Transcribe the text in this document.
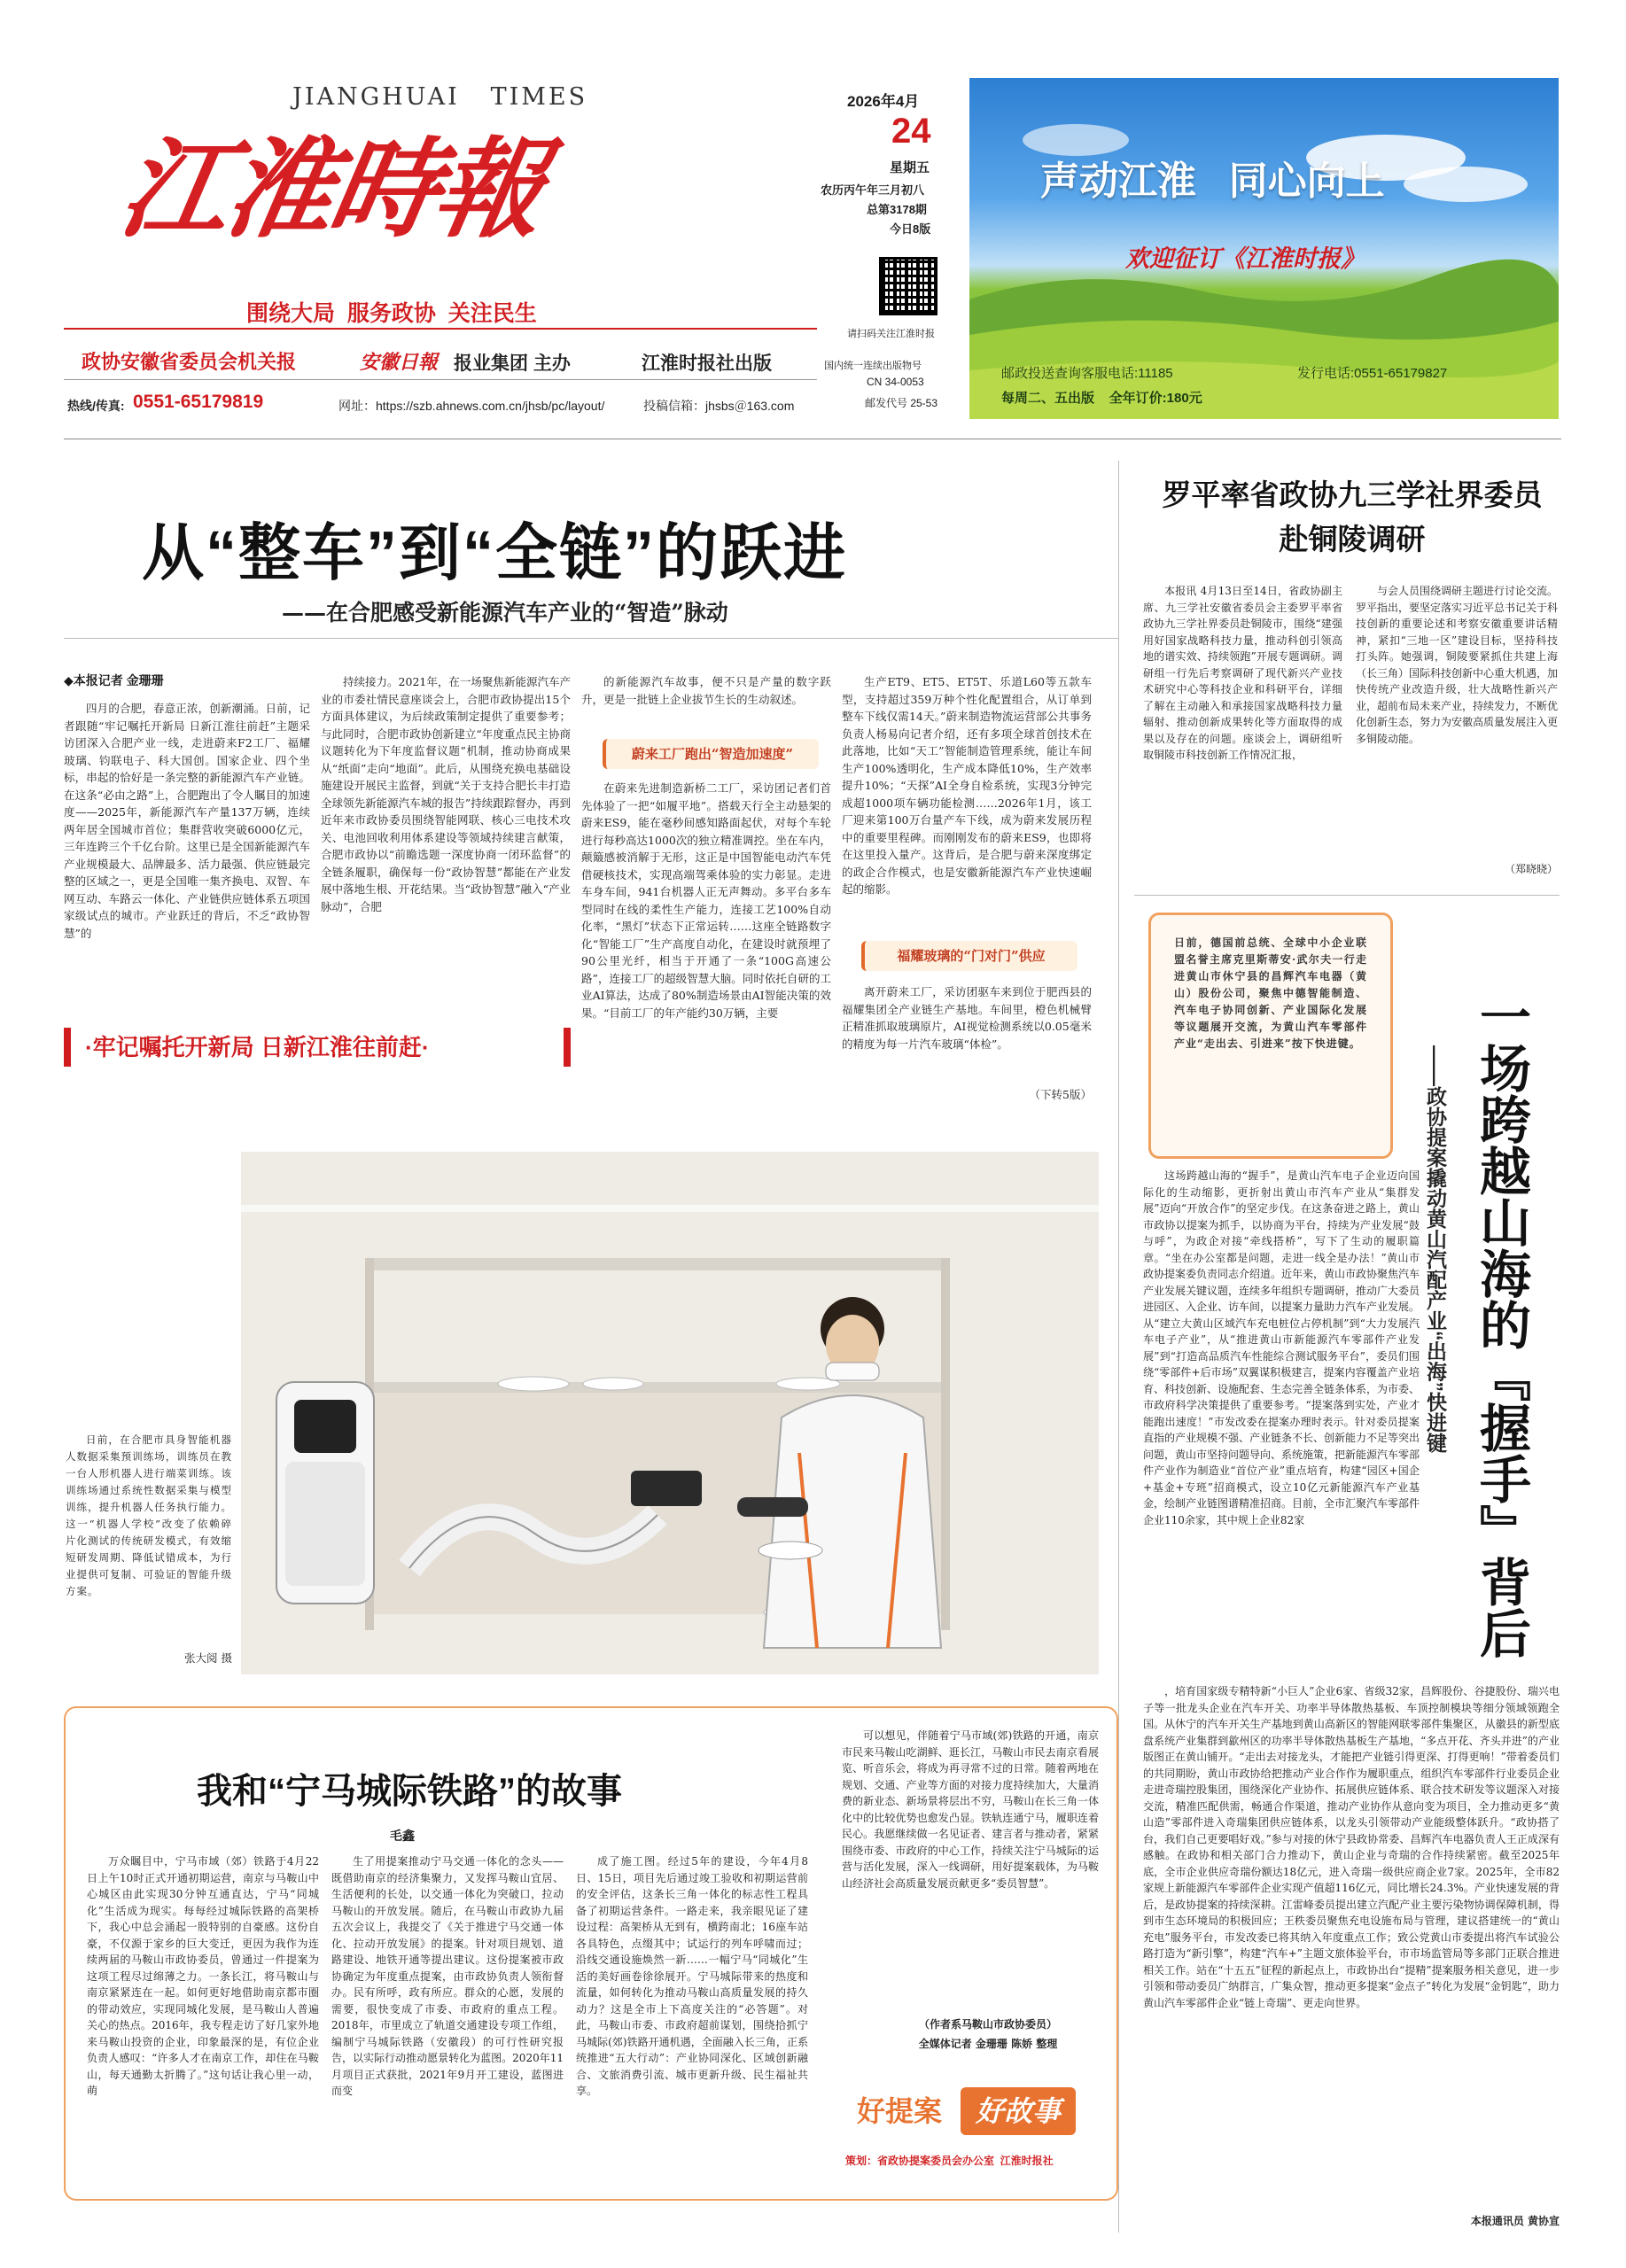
JIANGHUAI   TIMES
江淮時報
围绕大局  服务政协  关注民生
政协安徽省委员会机关报	安徽日報 报业集团 主办	江淮时报社出版
热线/传真: 0551-65179819	网址：https://szb.ahnews.com.cn/jhsb/pc/layout/	投稿信箱：jhsbs＠163.com
2026年4月
24
星期五
农历丙午年三月初八
总第3178期
今日8版
请扫码关注江淮时报
国内统一连续出版物号
CN 34-0053
邮发代号 25-53
声动江淮   同心向上
欢迎征订《江淮时报》
邮政投送查询客服电话:11185	发行电话:0551-65179827
每周二、五出版    全年订价:180元
从“整车”到“全链”的跃进
——在合肥感受新能源汽车产业的“智造”脉动
◆本报记者 金珊珊

四月的合肥，春意正浓，创新潮涌。日前，记者跟随“牢记嘱托开新局 日新江淮往前赶”主题采访团深入合肥产业一线，走进蔚来F2工厂、福耀玻璃、钧联电子、科大国创。国家企业、四个坐标，串起的恰好是一条完整的新能源汽车产业链。在这条“必由之路”上，合肥跑出了令人瞩目的加速度——2025年，新能源汽车产量137万辆，连续两年居全国城市首位；集群营收突破6000亿元，三年连跨三个千亿台阶。这里已是全国新能源汽车产业规模最大、品牌最多、活力最强、供应链最完整的区域之一，更是全国唯一集齐换电、双智、车网互动、车路云一体化、产业链供应链体系五项国家级试点的城市。产业跃迁的背后，不乏“政协智慧”的

持续接力。2021年，在一场聚焦新能源汽车产业的市委社情民意座谈会上，合肥市政协提出15个方面具体建议，为后续政策制定提供了重要参考；与此同时，合肥市政协创新建立“年度重点民主协商议题转化为下年度监督议题”机制，推动协商成果从“纸面”走向“地面”。此后，从围绕充换电基础设施建设开展民主监督，到就“关于支持合肥长丰打造全球领先新能源汽车城的报告”持续跟踪督办，再到近年来市政协委员围绕智能网联、核心三电技术攻关、电池回收利用体系建设等领域持续建言献策，合肥市政协以“前瞻选题一深度协商一闭环监督”的全链条履职，确保每一份“政协智慧”都能在产业发展中落地生根、开花结果。当“政协智慧”融入“产业脉动”，合肥

的新能源汽车故事，便不只是产量的数字跃升，更是一批链上企业拔节生长的生动叙述。

蔚来工厂跑出“智造加速度”

在蔚来先进制造新桥二工厂，采访团记者们首先体验了一把“如履平地”。搭载天行全主动悬架的蔚来ES9，能在毫秒间感知路面起伏，对每个车轮进行每秒高达1000次的独立精准调控。坐在车内，颠簸感被消解于无形，这正是中国智能电动汽车凭借硬核技术，实现高端驾乘体验的实力彰显。走进车身车间，941台机器人正无声舞动。多平台多车型同时在线的柔性生产能力，连接工艺100%自动化率，“黑灯”状态下正常运转……这座全链路数字化“智能工厂”生产高度自动化，在建设时就预埋了90公里光纤，相当于开通了一条“100G高速公路”，连接工厂的超级智慧大脑。同时依托自研的工业AI算法，达成了80%制造场景由AI智能决策的效果。“目前工厂的年产能约30万辆，主要

生产ET9、ET5、ET5T、乐道L60等五款车型，支持超过359万种个性化配置组合，从订单到整车下线仅需14天。”蔚来制造物流运营部公共事务负责人杨易向记者介绍，还有多项全球首创技术在此落地，比如“天工”智能制造管理系统，能让车间生产100%透明化，生产成本降低10%，生产效率提升10%；“天探”AI全身自检系统，实现3分钟完成超1000项车辆功能检测……2026年1月，该工厂迎来第100万台量产车下线，成为蔚来发展历程中的重要里程碑。而刚刚发布的蔚来ES9，也即将在这里投入量产。这背后，是合肥与蔚来深度绑定的政企合作模式，也是安徽新能源汽车产业快速崛起的缩影。

福耀玻璃的“门对门”供应

离开蔚来工厂，采访团驱车来到位于肥西县的福耀集团全产业链生产基地。车间里，橙色机械臂正精准抓取玻璃原片，AI视觉检测系统以0.05毫米的精度为每一片汽车玻璃“体检”。

（下转5版）
·牢记嘱托开新局 日新江淮往前赶·

日前，在合肥市具身智能机器人数据采集预训练场，训练员在教一台人形机器人进行端菜训练。该训练场通过系统性数据采集与模型训练，提升机器人任务执行能力。这一“机器人学校”改变了依赖碎片化测试的传统研发模式，有效缩短研发周期、降低试错成本，为行业提供可复制、可验证的智能升级方案。

张大阅 摄
罗平率省政协九三学社界委员赴铜陵调研

本报讯 4月13日至14日，省政协副主席、九三学社安徽省委员会主委罗平率省政协九三学社界委员赴铜陵市，围绕“建强用好国家战略科技力量，推动科创引领高地的谱实效、持续领跑”开展专题调研。调研组一行先后考察调研了现代新兴产业技术研究中心等科技企业和科研平台，详细了解在主动融入和承接国家战略科技力量辐射、推动创新成果转化等方面取得的成果以及存在的问题。座谈会上，调研组听取铜陵市科技创新工作情况汇报，

与会人员围绕调研主题进行讨论交流。罗平指出，要坚定落实习近平总书记关于科技创新的重要论述和考察安徽重要讲话精神，紧扣“三地一区”建设目标，坚持科技打头阵。她强调，铜陵要紧抓住共建上海（长三角）国际科技创新中心重大机遇，加快传统产业改造升级，壮大战略性新兴产业，超前布局未来产业，持续发力，不断优化创新生态，努力为安徽高质量发展注入更多铜陵动能。

（郑晓晓）
日前，德国前总统、全球中小企业联盟名誉主席克里斯蒂安·武尔夫一行走进黄山市休宁县的昌辉汽车电器（黄山）股份公司，聚焦中德智能制造、汽车电子协同创新、产业国际化发展等议题展开交流，为黄山汽车零部件产业“走出去、引进来”按下快进键。 一场跨越山海的『握手』背后
——政协提案撬动黄山汽配产业“出海”快进键

这场跨越山海的“握手”，是黄山汽车电子企业迈向国际化的生动缩影，更折射出黄山市汽车产业从“集群发展”迈向“开放合作”的坚定步伐。在这条奋进之路上，黄山市政协以提案为抓手，以协商为平台，持续为产业发展“鼓与呼”，为政企对接“牵线搭桥”，写下了生动的履职篇章。“坐在办公室都是问题，走进一线全是办法！”黄山市政协提案委负责同志介绍道。近年来，黄山市政协聚焦汽车产业发展关键议题，连续多年组织专题调研，推动广大委员进园区、入企业、访车间，以提案力量助力汽车产业发展。从“建立大黄山区域汽车充电桩位占停机制”到“大力发展汽车电子产业”，从“推进黄山市新能源汽车零部件产业发展”到“打造高品质汽车性能综合测试服务平台”，委员们围绕“零部件+后市场”双翼谋积极建言，提案内容覆盖产业培育、科技创新、设施配套、生态完善全链条体系，为市委、市政府科学决策提供了重要参考。“提案落到实处，产业才能跑出速度！”市发改委在提案办理时表示。针对委员提案直指的产业规模不强、产业链条不长、创新能力不足等突出问题，黄山市坚持问题导向、系统施策，把新能源汽车零部件产业作为制造业“首位产业”重点培育，构建“园区+国企+基金+专班”招商模式，设立10亿元新能源汽车产业基金，绘制产业链图谱精准招商。目前，全市汇聚汽车零部件企业110余家，其中规上企业82家

，培育国家级专精特新“小巨人”企业6家、省级32家，昌辉股份、谷捷股份、瑞兴电子等一批龙头企业在汽车开关、功率半导体散热基板、车顶控制模块等细分领域领跑全国。从休宁的汽车开关生产基地到黄山高新区的智能网联零部件集聚区，从徽县的新型底盘系统产业集群到歙州区的功率半导体散热基板生产基地，“多点开花、齐头并进”的产业版图正在黄山铺开。“走出去对接龙头，才能把产业链引得更深、打得更响！”带着委员们的共同期盼，黄山市政协给把推动产业合作作为履职重点，组织汽车零部件行业委员企业走进奇瑞控股集团，围绕深化产业协作、拓展供应链体系、联合技术研发等议题深入对接交流，精准匹配供需，畅通合作渠道，推动产业协作从意向变为项目，全力推动更多“黄山造”零部件进入奇瑞集团供应链体系，以龙头引领带动产业能级整体跃升。“政协搭了台，我们自己更要唱好戏。”参与对接的休宁县政协常委、昌辉汽车电器负责人王正成深有感触。在政协和相关部门合力推动下，黄山企业与奇瑞的合作持续紧密。截至2025年底，全市企业供应奇瑞份额达18亿元，进入奇瑞一级供应商企业7家。2025年，全市82家规上新能源汽车零部件企业实现产值超116亿元，同比增长24.3%。产业快速发展的背后，是政协提案的持续深耕。江雷峰委员提出建立汽配产业主要污染物协调保障机制，得到市生态环境局的积极回应；王秩委员聚焦充电设施布局与管理，建议搭建统一的“黄山充电”服务平台，市发改委已将其纳入年度重点工作；致公党黄山市委提出将汽车试验公路打造为“新引擎”，构建“汽车+”主题文旅体验平台，市市场监管局等多部门正联合推进相关工作。站在“十五五”征程的新起点上，市政协出台“提精”提案服务相关意见，进一步引领和带动委员广纳群言，广集众智，推动更多提案“金点子”转化为发展“金钥匙”，助力黄山汽车零部件企业“链上奇瑞”、更走向世界。

本报通讯员 黄协宣
我和“宁马城际铁路”的故事
毛鑫

万众瞩目中，宁马市域（郊）铁路于4月22日上午10时正式开通初期运营，南京与马鞍山中心城区由此实现30分钟互通直达，宁马“同城化”生活成为现实。每每经过城际铁路的高架桥下，我心中总会涌起一股特别的自豪感。这份自豪，不仅源于家乡的巨大变迁，更因为我作为连续两届的马鞍山市政协委员，曾通过一件提案为这项工程尽过绵薄之力。一条长江，将马鞍山与南京紧紧连在一起。如何更好地借助南京都市圈的带动效应，实现同城化发展，是马鞍山人普遍关心的热点。2016年，我专程走访了好几家外地来马鞍山投资的企业，印象最深的是，有位企业负责人感叹：“许多人才在南京工作，却住在马鞍山，每天通勤太折腾了。”这句话让我心里一动，萌

生了用提案推动宁马交通一体化的念头——既借助南京的经济集聚力，又发挥马鞍山宜居、生活便利的长处，以交通一体化为突破口，拉动马鞍山的开放发展。随后，在马鞍山市政协九届五次会议上，我提交了《关于推进宁马交通一体化、拉动开放发展》的提案。针对项目规划、道路建设、地铁开通等提出建议。这份提案被市政协确定为年度重点提案，由市政协负责人领衔督办。民有所呼，政有所应。群众的心愿，发展的需要，很快变成了市委、市政府的重点工程。2018年，市里成立了轨道交通建设专项工作组，编制宁马城际铁路（安徽段）的可行性研究报告，以实际行动推动愿景转化为蓝图。2020年11月项目正式获批，2021年9月开工建设，蓝图进而变

成了施工图。经过5年的建设，今年4月8日、15日，项目先后通过竣工验收和初期运营前的安全评估，这条长三角一体化的标志性工程具备了初期运营条件。一路走来，我亲眼见证了建设过程：高架桥从无到有，横跨南北；16座车站各具特色，点缀其中；试运行的列车呼啸而过；沿线交通设施焕然一新……一幅宁马“同城化”生活的美好画卷徐徐展开。宁马城际带来的热度和流量，如何转化为推动马鞍山高质量发展的持久动力？这是全市上下高度关注的“必答题”。对此，马鞍山市委、市政府超前谋划，围绕拾抓宁马城际(郊)铁路开通机遇，全面融入长三角，正系统推进“五大行动”：产业协同深化、区域创新融合、文旅消费引流、城市更新升级、民生福祉共享。

可以想见，伴随着宁马市域(郊)铁路的开通，南京市民来马鞍山吃湖鲜、逛长江，马鞍山市民去南京看展览、听音乐会，将成为再寻常不过的日常。随着两地在规划、交通、产业等方面的对接力度持续加大，大量消费的新业态、新场景将层出不穷，马鞍山在长三角一体化中的比较优势也愈发凸显。铁轨连通宁马，履职连着民心。我愿继续做一名见证者、建言者与推动者，紧紧围绕市委、市政府的中心工作，持续关注宁马城际的运营与活化发展，深入一线调研，用好提案载体，为马鞍山经济社会高质量发展贡献更多“委员智慧”。

（作者系马鞍山市政协委员）
全媒体记者 金珊珊 陈娇 整理
好提案	好故事
策划：省政协提案委员会办公室  江淮时报社
